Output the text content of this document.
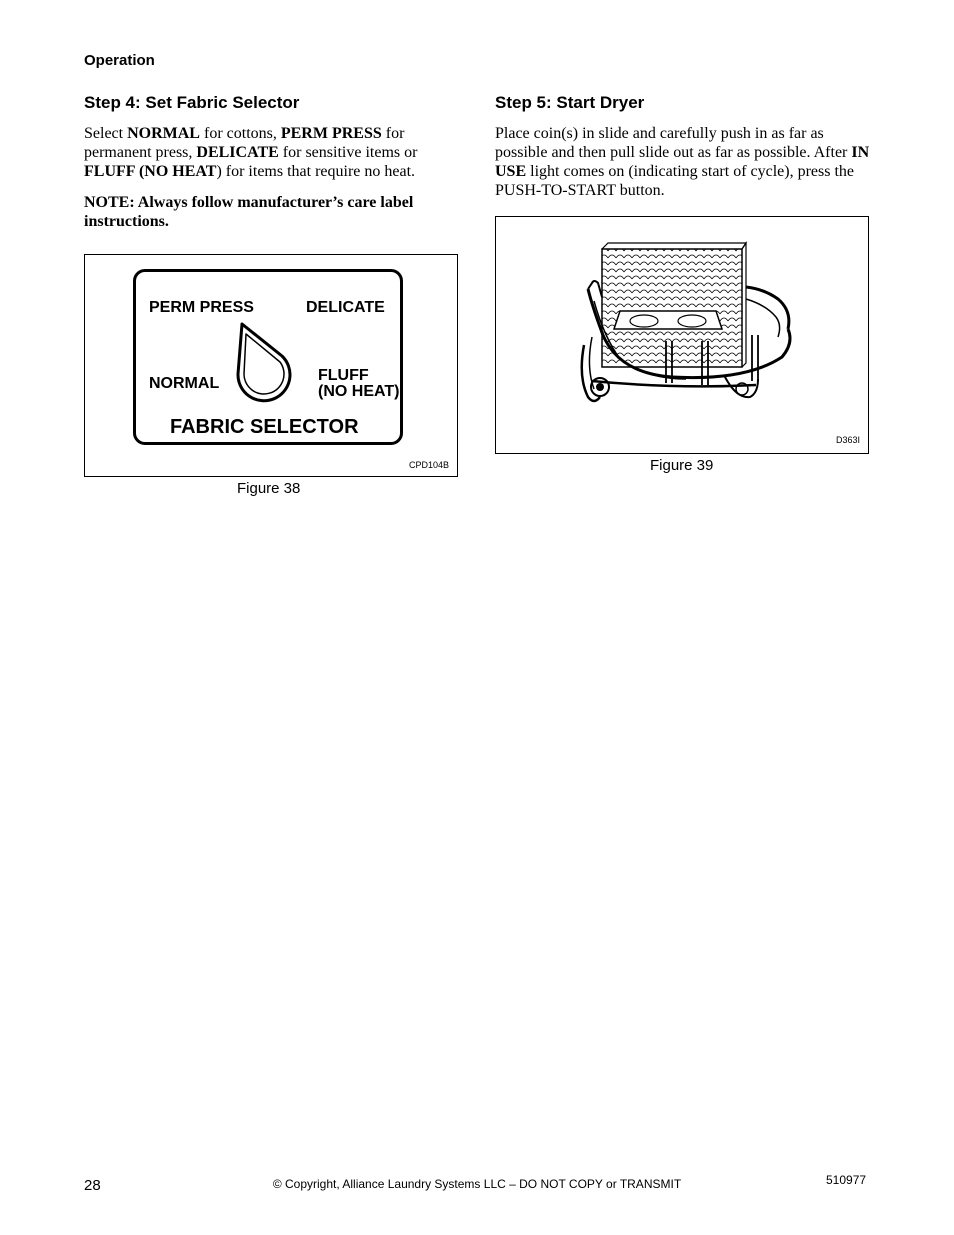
Operation
Step 4: Set Fabric Selector

Select NORMAL for cottons, PERM PRESS for permanent press, DELICATE for sensitive items or FLUFF (NO HEAT) for items that require no heat.

NOTE: Always follow manufacturer’s care label instructions.

PERM PRESS	DELICATE
NORMAL	FLUFF
(NO HEAT)
FABRIC SELECTOR
CPD104B
Figure 38
Step 5: Start Dryer

Place coin(s) in slide and carefully push in as far as possible and then pull slide out as far as possible. After IN USE light comes on (indicating start of cycle), press the PUSH-TO-START button.

D363I
Figure 39
28	© Copyright, Alliance Laundry Systems LLC – DO NOT COPY or TRANSMIT	510977
